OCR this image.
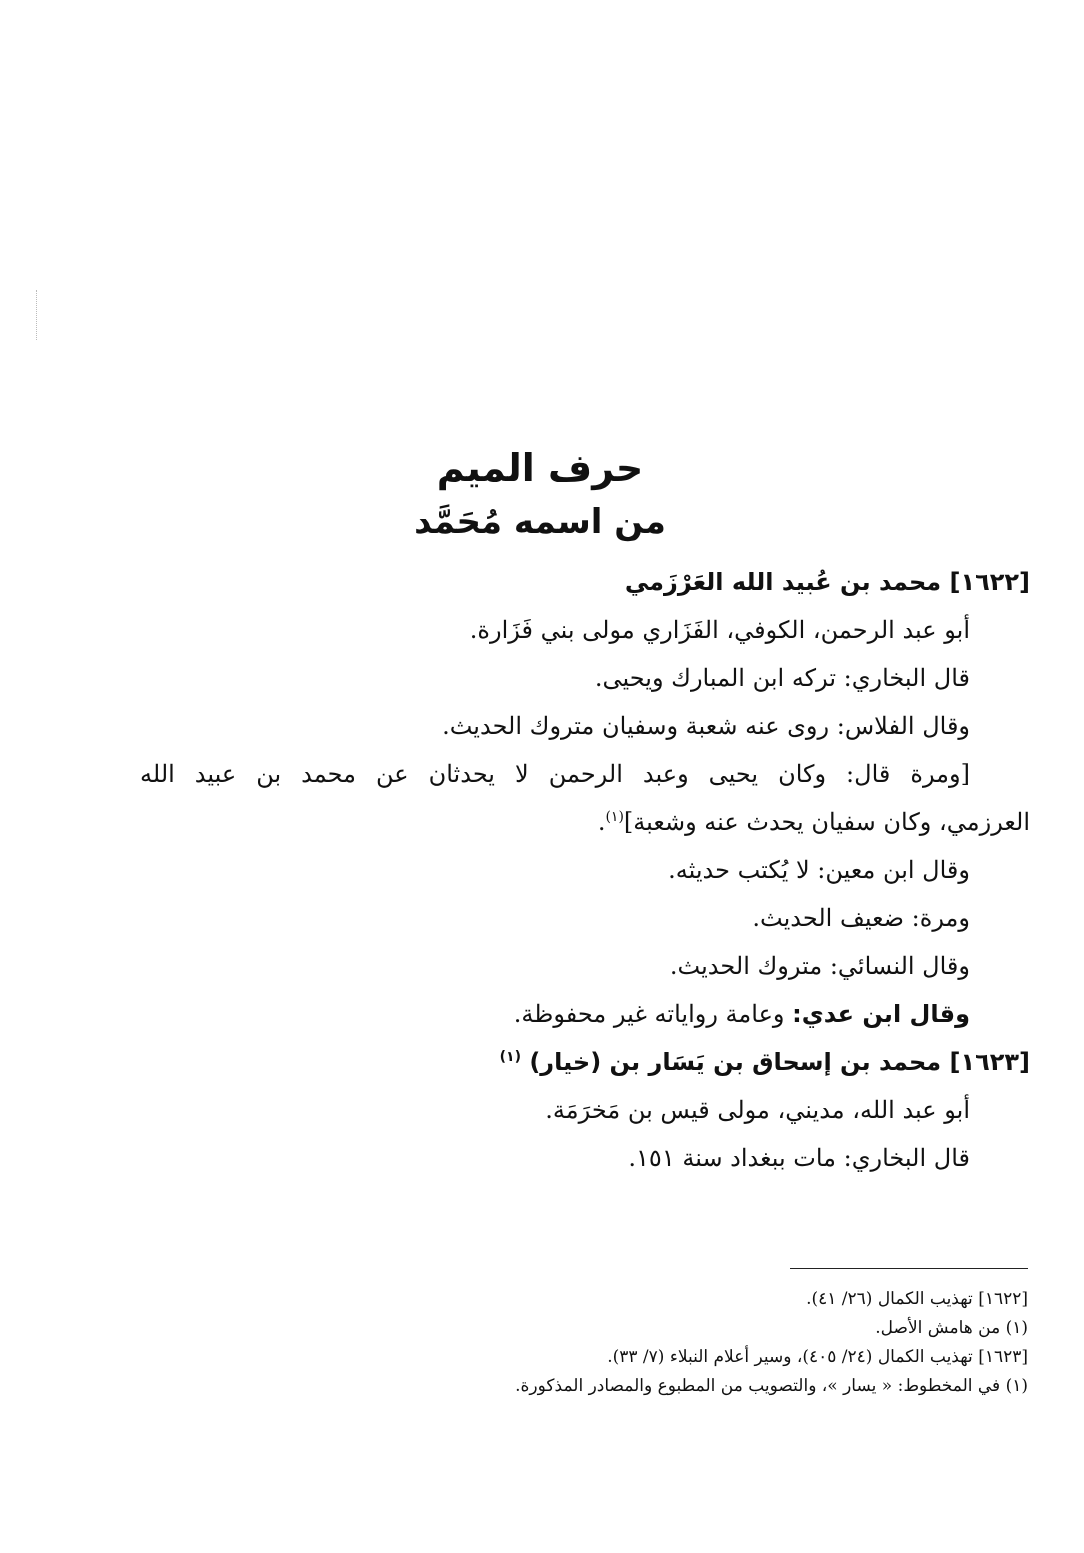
حرف الميم
من اسمه مُحَمَّد
[١٦٢٢] محمد بن عُبيد الله العَرْزَمي
أبو عبد الرحمن، الكوفي، الفَزَاري مولى بني فَزَارة.
قال البخاري: تركه ابن المبارك ويحيى.
وقال الفلاس: روى عنه شعبة وسفيان متروك الحديث.
[ومرة قال: وكان يحيى وعبد الرحمن لا يحدثان عن محمد بن عبيد الله
العرزمي، وكان سفيان يحدث عنه وشعبة]$^{(١)}$.
وقال ابن معين: لا يُكتب حديثه.
ومرة: ضعيف الحديث.
وقال النسائي: متروك الحديث.
وقال ابن عدي: وعامة رواياته غير محفوظة.
[١٦٢٣] محمد بن إسحاق بن يَسَار بن (خيار) $^{(١)}$
أبو عبد الله، مديني، مولى قيس بن مَخرَمَة.
قال البخاري: مات ببغداد سنة ١٥١.
[١٦٢٢] تهذيب الكمال (٢٦/ ٤١).
(١) من هامش الأصل.
[١٦٢٣] تهذيب الكمال (٢٤/ ٤٠٥)، وسير أعلام النبلاء (٧/ ٣٣).
(١) في المخطوط: « يسار »، والتصويب من المطبوع والمصادر المذكورة.
